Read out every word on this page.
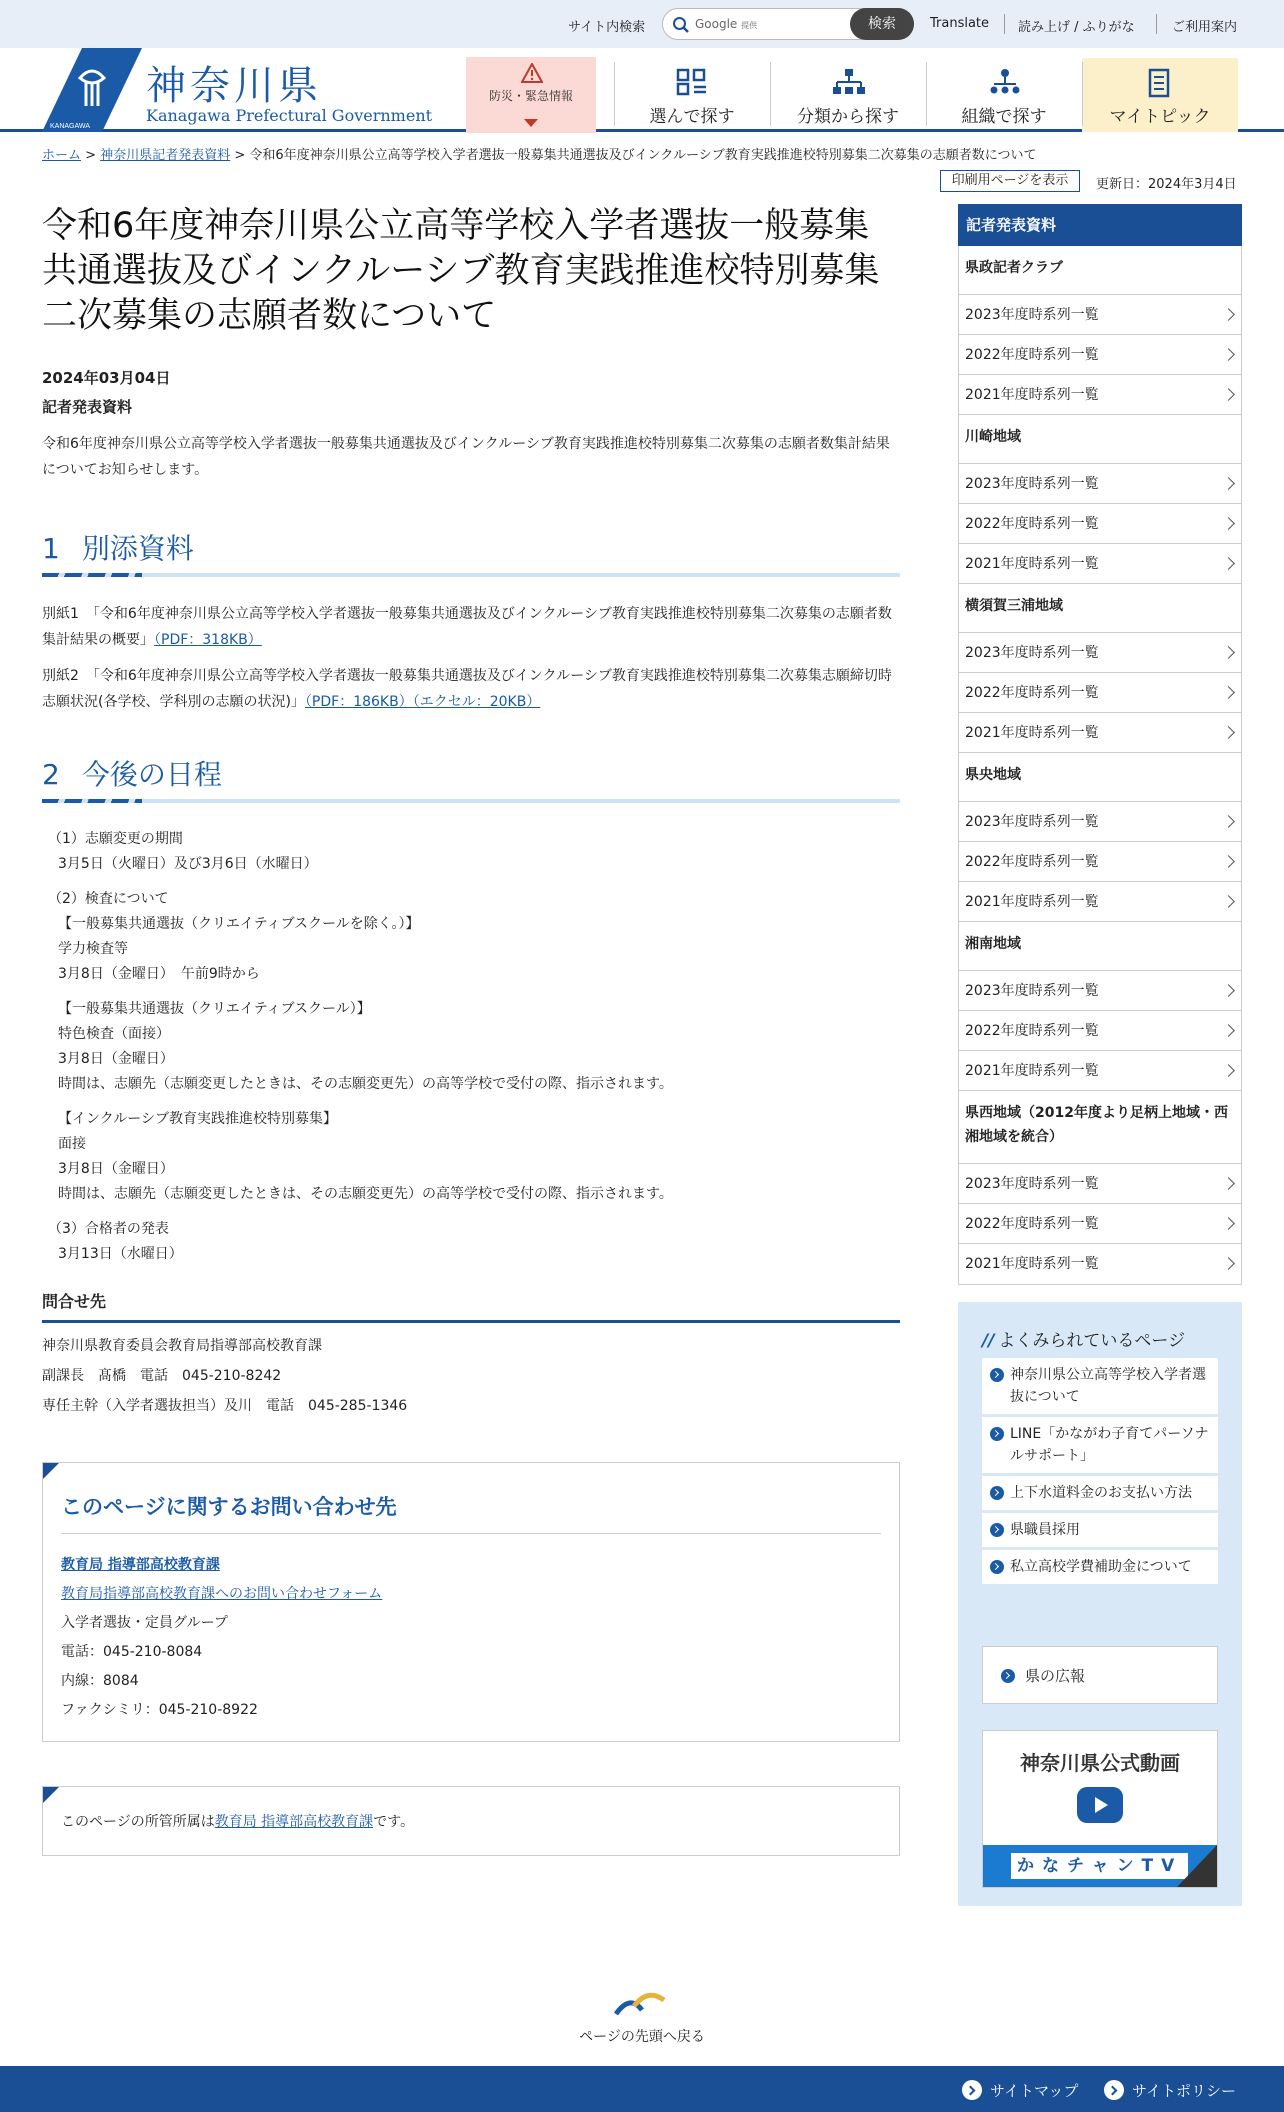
サイト内検索	Google 提供	検索	Translate 読み上げ / ふりがな	ご利用案内
KANAGAWA
神奈川県
Kanagawa Prefectural Government
防災・緊急情報
選んで探す	分類から探す	組織で探す	マイトピック
ホーム > 神奈川県記者発表資料 > 令和6年度神奈川県公立高等学校入学者選抜一般募集共通選抜及びインクルーシブ教育実践推進校特別募集二次募集の志願者数について
印刷用ページを表示	更新日：2024年3月4日
令和6年度神奈川県公立高等学校入学者選抜一般募集共通選抜及びインクルーシブ教育実践推進校特別募集二次募集の志願者数について
2024年03月04日
記者発表資料

令和6年度神奈川県公立高等学校入学者選抜一般募集共通選抜及びインクルーシブ教育実践推進校特別募集二次募集の志願者数集計結果についてお知らせします。

1 別添資料

別紙1　「令和6年度神奈川県公立高等学校入学者選抜一般募集共通選抜及びインクルーシブ教育実践推進校特別募集二次募集の志願者数集計結果の概要」（PDF：318KB）

別紙2　「令和6年度神奈川県公立高等学校入学者選抜一般募集共通選抜及びインクルーシブ教育実践推進校特別募集二次募集志願締切時志願状況(各学校、学科別の志願の状況)」（PDF：186KB）（エクセル：20KB）

2 今後の日程
（1）志願変更の期間
3月5日（火曜日）及び3月6日（水曜日）
（2）検査について
【一般募集共通選抜（クリエイティブスクールを除く。）】
学力検査等
3月8日（金曜日）　午前9時から
【一般募集共通選抜（クリエイティブスクール）】
特色検査（面接）
3月8日（金曜日）
時間は、志願先（志願変更したときは、その志願変更先）の高等学校で受付の際、指示されます。
【インクルーシブ教育実践推進校特別募集】
面接
3月8日（金曜日）
時間は、志願先（志願変更したときは、その志願変更先）の高等学校で受付の際、指示されます。
（3）合格者の発表
3月13日（水曜日）
問合せ先
神奈川県教育委員会教育局指導部高校教育課
副課長　髙橋　電話　045-210-8242
専任主幹（入学者選抜担当）及川　電話　045-285-1346
このページに関するお問い合わせ先
教育局 指導部高校教育課
教育局指導部高校教育課へのお問い合わせフォーム
入学者選抜・定員グループ
電話：045-210-8084
内線：8084
ファクシミリ：045-210-8922
このページの所管所属は教育局 指導部高校教育課です。
記者発表資料
県政記者クラブ
2023年度時系列一覧
2022年度時系列一覧
2021年度時系列一覧
川崎地域
2023年度時系列一覧
2022年度時系列一覧
2021年度時系列一覧
横須賀三浦地域
2023年度時系列一覧
2022年度時系列一覧
2021年度時系列一覧
県央地域
2023年度時系列一覧
2022年度時系列一覧
2021年度時系列一覧
湘南地域
2023年度時系列一覧
2022年度時系列一覧
2021年度時系列一覧
県西地域（2012年度より足柄上地域・西湘地域を統合）
2023年度時系列一覧
2022年度時系列一覧
2021年度時系列一覧
// よくみられているページ
神奈川県公立高等学校入学者選抜について
LINE「かながわ子育てパーソナルサポート」
上下水道料金のお支払い方法
県職員採用
私立高校学費補助金について
県の広報
神奈川県公式動画
かなチャンTV
ページの先頭へ戻る
サイトマップ	サイトポリシー
